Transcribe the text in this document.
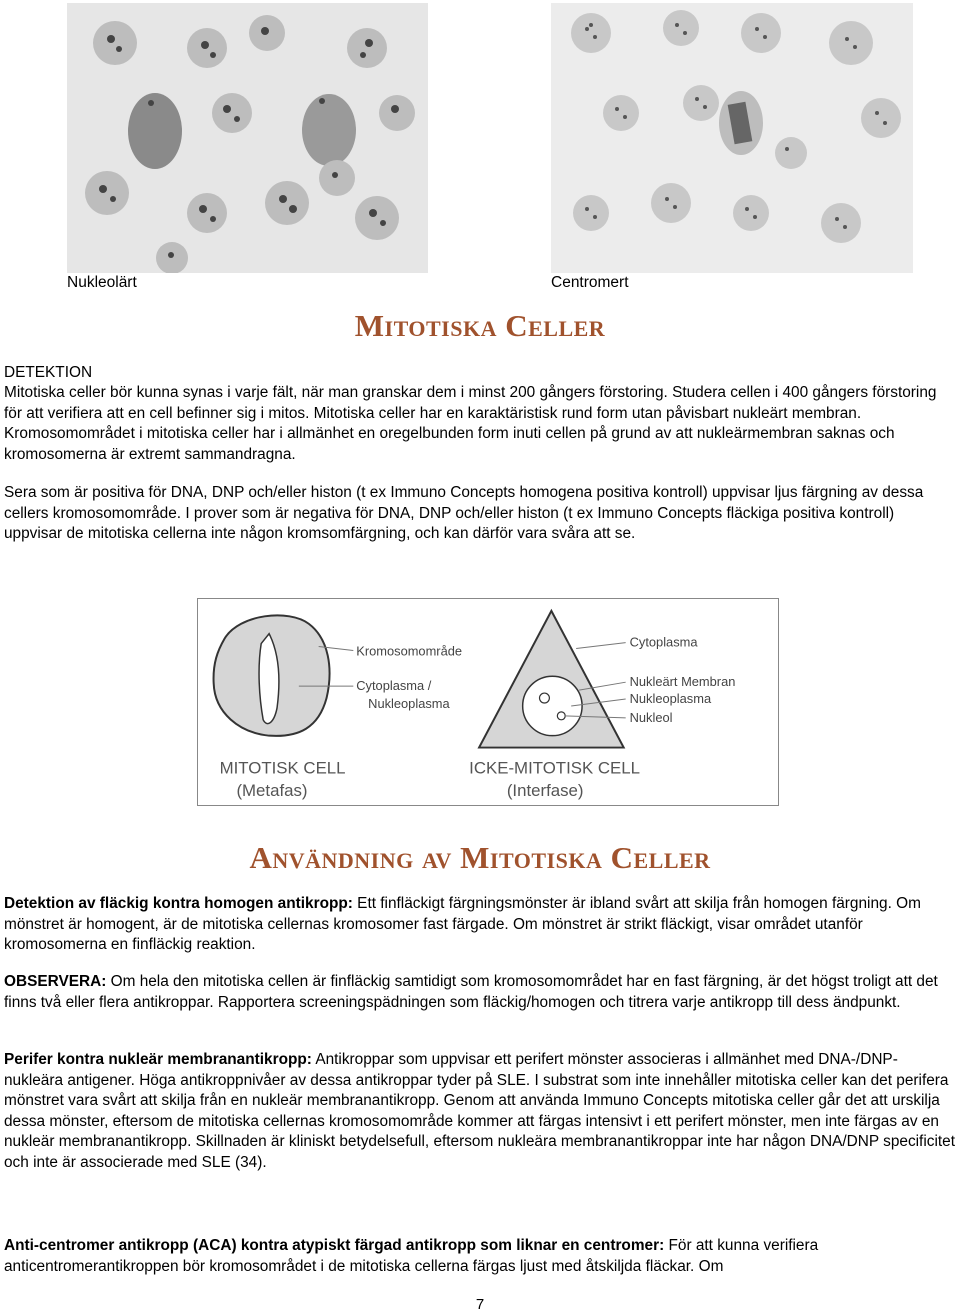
Nukleolärt	Centromert
Mitotiska Celler
DETEKTION
Mitotiska celler bör kunna synas i varje fält, när man granskar dem i minst 200 gångers förstoring. Studera cellen i 400 gångers förstoring för att verifiera att en cell befinner sig i mitos. Mitotiska celler har en karaktäristisk rund form utan påvisbart nukleärt membran. Kromosomområdet i mitotiska celler har i allmänhet en oregelbunden form inuti cellen på grund av att nukleärmembran saknas och kromosomerna är extremt sammandragna.
Sera som är positiva för DNA, DNP och/eller histon (t ex Immuno Concepts homogena positiva kontroll) uppvisar ljus färgning av dessa cellers kromosomområde. I prover som är negativa för DNA, DNP och/eller histon (t ex Immuno Concepts fläckiga positiva kontroll) uppvisar de mitotiska cellerna inte någon kromsomfärgning, och kan därför vara svåra att se.
Kromosomområde
Cytoplasma /
Nukleoplasma
MITOTISK CELL
(Metafas)
Cytoplasma
Nukleärt Membran
Nukleoplasma
Nukleol
ICKE-MITOTISK CELL
(Interfase)
Användning av Mitotiska Celler
Detektion av fläckig kontra homogen antikropp: Ett finfläckigt färgningsmönster är ibland svårt att skilja från homogen färgning. Om mönstret är homogent, är de mitotiska cellernas kromosomer fast färgade. Om mönstret är strikt fläckigt, visar området utanför kromosomerna en finfläckig reaktion.
OBSERVERA: Om hela den mitotiska cellen är finfläckig samtidigt som kromosomområdet har en fast färgning, är det högst troligt att det finns två eller flera antikroppar. Rapportera screeningspädningen som fläckig/homogen och titrera varje antikropp till dess ändpunkt.
Perifer kontra nukleär membranantikropp: Antikroppar som uppvisar ett perifert mönster associeras i allmänhet med DNA-/DNP-nukleära antigener. Höga antikroppnivåer av dessa antikroppar tyder på SLE. I substrat som inte innehåller mitotiska celler kan det perifera mönstret vara svårt att skilja från en nukleär membranantikropp. Genom att använda Immuno Concepts mitotiska celler går det att urskilja dessa mönster, eftersom de mitotiska cellernas kromosomområde kommer att färgas intensivt i ett perifert mönster, men inte färgas av en nukleär membranantikropp. Skillnaden är kliniskt betydelsefull, eftersom nukleära membranantikroppar inte har någon DNA/DNP specificitet och inte är associerade med SLE (34).
Anti-centromer antikropp (ACA) kontra atypiskt färgad antikropp som liknar en centromer: För att kunna verifiera anticentromerantikroppen bör kromosområdet i de mitotiska cellerna färgas ljust med åtskiljda fläckar. Om
7
